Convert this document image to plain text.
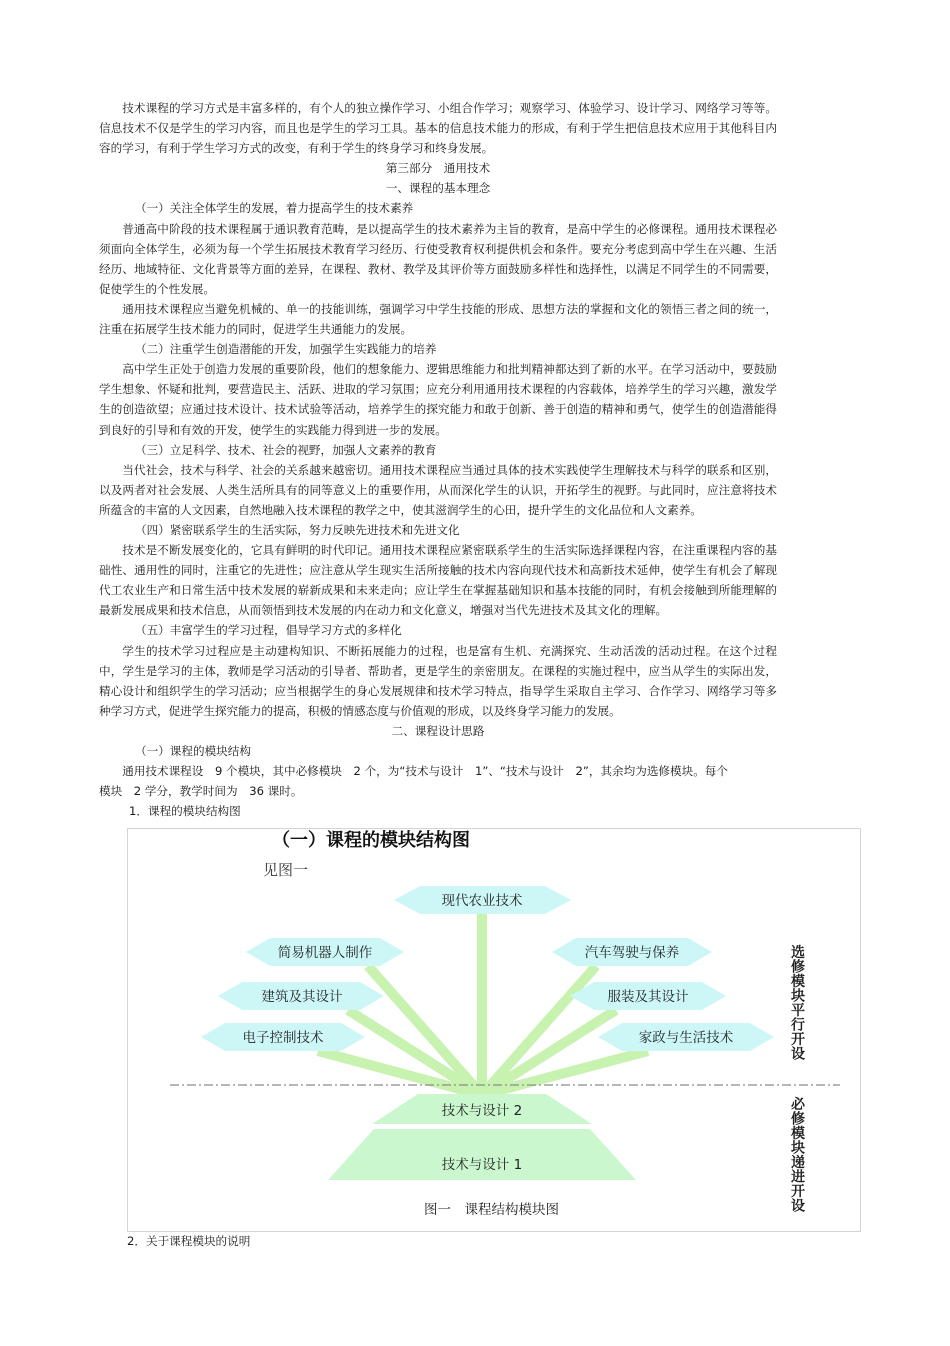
技术课程的学习方式是丰富多样的，有个人的独立操作学习、小组合作学习；观察学习、体验学习、设计学习、网络学习等等。信息技术不仅是学生的学习内容，而且也是学生的学习工具。基本的信息技术能力的形成，有利于学生把信息技术应用于其他科目内容的学习，有利于学生学习方式的改变，有利于学生的终身学习和终身发展。

第三部分　通用技术

一、课程的基本理念

（一）关注全体学生的发展，着力提高学生的技术素养

普通高中阶段的技术课程属于通识教育范畴，是以提高学生的技术素养为主旨的教育，是高中学生的必修课程。通用技术课程必须面向全体学生，必须为每一个学生拓展技术教育学习经历、行使受教育权利提供机会和条件。要充分考虑到高中学生在兴趣、生活经历、地域特征、文化背景等方面的差异，在课程、教材、教学及其评价等方面鼓励多样性和选择性，以满足不同学生的不同需要，促使学生的个性发展。

通用技术课程应当避免机械的、单一的技能训练，强调学习中学生技能的形成、思想方法的掌握和文化的领悟三者之间的统一，注重在拓展学生技术能力的同时，促进学生共通能力的发展。

（二）注重学生创造潜能的开发，加强学生实践能力的培养

高中学生正处于创造力发展的重要阶段，他们的想象能力、逻辑思维能力和批判精神都达到了新的水平。在学习活动中，要鼓励学生想象、怀疑和批判，要营造民主、活跃、进取的学习氛围；应充分利用通用技术课程的内容载体，培养学生的学习兴趣，激发学生的创造欲望；应通过技术设计、技术试验等活动，培养学生的探究能力和敢于创新、善于创造的精神和勇气，使学生的创造潜能得到良好的引导和有效的开发，使学生的实践能力得到进一步的发展。

（三）立足科学、技术、社会的视野，加强人文素养的教育

当代社会，技术与科学、社会的关系越来越密切。通用技术课程应当通过具体的技术实践使学生理解技术与科学的联系和区别，以及两者对社会发展、人类生活所具有的同等意义上的重要作用，从而深化学生的认识，开拓学生的视野。与此同时，应注意将技术所蕴含的丰富的人文因素，自然地融入技术课程的教学之中，使其滋润学生的心田，提升学生的文化品位和人文素养。

（四）紧密联系学生的生活实际，努力反映先进技术和先进文化

技术是不断发展变化的，它具有鲜明的时代印记。通用技术课程应紧密联系学生的生活实际选择课程内容，在注重课程内容的基础性、通用性的同时，注重它的先进性；应注意从学生现实生活所接触的技术内容向现代技术和高新技术延伸，使学生有机会了解现代工农业生产和日常生活中技术发展的崭新成果和未来走向；应让学生在掌握基础知识和基本技能的同时，有机会接触到所能理解的最新发展成果和技术信息，从而领悟到技术发展的内在动力和文化意义，增强对当代先进技术及其文化的理解。

（五）丰富学生的学习过程，倡导学习方式的多样化

学生的技术学习过程应是主动建构知识、不断拓展能力的过程，也是富有生机、充满探究、生动活泼的活动过程。在这个过程中，学生是学习的主体，教师是学习活动的引导者、帮助者，更是学生的亲密朋友。在课程的实施过程中，应当从学生的实际出发，精心设计和组织学生的学习活动；应当根据学生的身心发展规律和技术学习特点，指导学生采取自主学习、合作学习、网络学习等多种学习方式，促进学生探究能力的提高，积极的情感态度与价值观的形成，以及终身学习能力的发展。

二、课程设计思路

（一）课程的模块结构

通用技术课程设　9 个模块，其中必修模块　2 个，为“技术与设计　1”、“技术与设计　2”，其余均为选修模块。每个

模块　2 学分，教学时间为　36 课时。

1．课程的模块结构图

（一）课程的模块结构图
见图一
现代农业技术
简易机器人制作
建筑及其设计
电子控制技术
汽车驾驶与保养
服装及其设计
家政与生活技术
技术与设计 2
技术与设计 1
图一　课程结构模块图
选
修
模
块
平
行
开
设
必
修
模
块
递
进
开
设
2．关于课程模块的说明
